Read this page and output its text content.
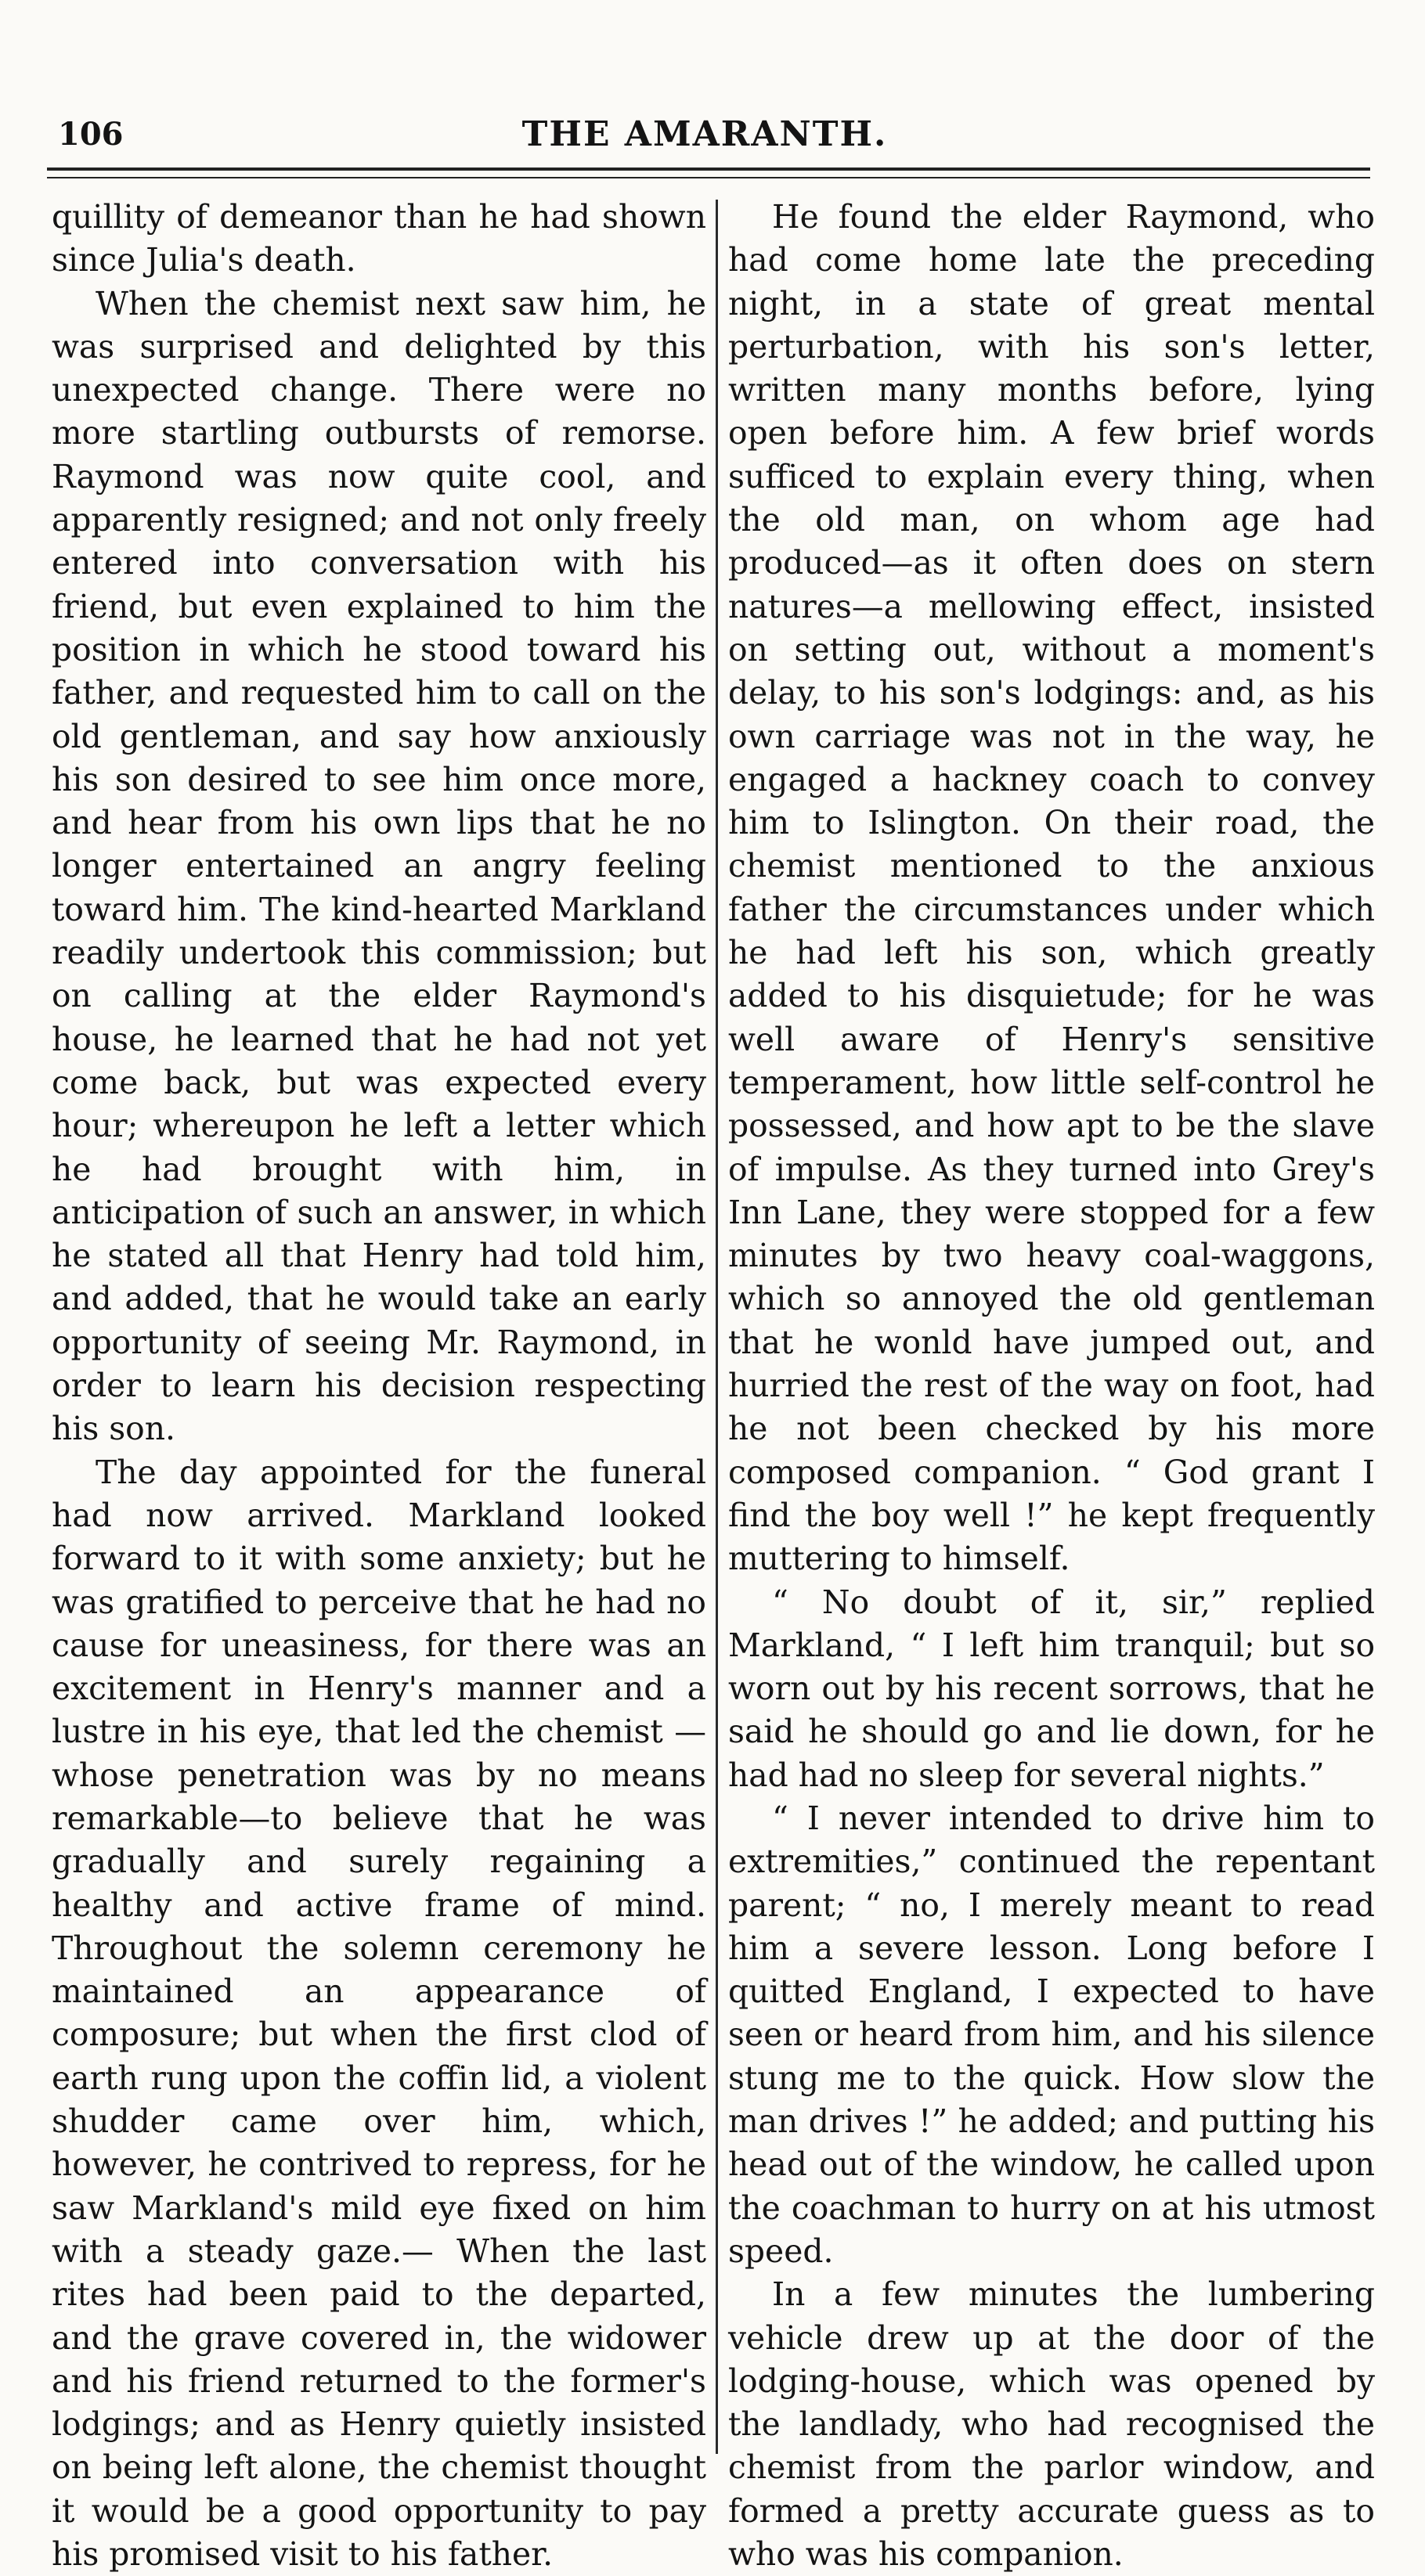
106	THE AMARANTH.

quillity of demeanor than he had shown since Julia's death.

When the chemist next saw him, he was surprised and delighted by this unexpected change. There were no more startling outbursts of remorse. Raymond was now quite cool, and apparently resigned; and not only freely entered into conversation with his friend, but even explained to him the position in which he stood toward his father, and requested him to call on the old gentleman, and say how anxiously his son desired to see him once more, and hear from his own lips that he no longer entertained an angry feeling toward him. The kind-hearted Markland readily undertook this commission; but on calling at the elder Raymond's house, he learned that he had not yet come back, but was expected every hour; whereupon he left a letter which he had brought with him, in anticipation of such an answer, in which he stated all that Henry had told him, and added, that he would take an early opportunity of seeing Mr. Raymond, in order to learn his decision respecting his son.

The day appointed for the funeral had now arrived. Markland looked forward to it with some anxiety; but he was gratified to perceive that he had no cause for uneasiness, for there was an excitement in Henry's manner and a lustre in his eye, that led the chemist —whose penetration was by no means remarkable—to believe that he was gradually and surely regaining a healthy and active frame of mind. Throughout the solemn ceremony he maintained an appearance of composure; but when the first clod of earth rung upon the coffin lid, a violent shudder came over him, which, however, he contrived to repress, for he saw Markland's mild eye fixed on him with a steady gaze.— When the last rites had been paid to the departed, and the grave covered in, the widower and his friend returned to the former's lodgings; and as Henry quietly insisted on being left alone, the chemist thought it would be a good opportunity to pay his promised visit to his father.

He found the elder Raymond, who had come home late the preceding night, in a state of great mental perturbation, with his son's letter, written many months before, lying open before him. A few brief words sufficed to explain every thing, when the old man, on whom age had produced—as it often does on stern natures—a mellowing effect, insisted on setting out, without a moment's delay, to his son's lodgings: and, as his own carriage was not in the way, he engaged a hackney coach to convey him to Islington. On their road, the chemist mentioned to the anxious father the circumstances under which he had left his son, which greatly added to his disquietude; for he was well aware of Henry's sensitive temperament, how little self-control he possessed, and how apt to be the slave of impulse. As they turned into Grey's Inn Lane, they were stopped for a few minutes by two heavy coal-waggons, which so annoyed the old gentleman that he wonld have jumped out, and hurried the rest of the way on foot, had he not been checked by his more composed companion. “ God grant I find the boy well !” he kept frequently muttering to himself.

“ No doubt of it, sir,” replied Markland, “ I left him tranquil; but so worn out by his recent sorrows, that he said he should go and lie down, for he had had no sleep for several nights.”

“ I never intended to drive him to extremities,” continued the repentant parent; “ no, I merely meant to read him a severe lesson. Long before I quitted England, I expected to have seen or heard from him, and his silence stung me to the quick. How slow the man drives !” he added; and putting his head out of the window, he called upon the coachman to hurry on at his utmost speed.

In a few minutes the lumbering vehicle drew up at the door of the lodging-house, which was opened by the landlady, who had recognised the chemist from the parlor window, and formed a pretty accurate guess as to who was his companion.
